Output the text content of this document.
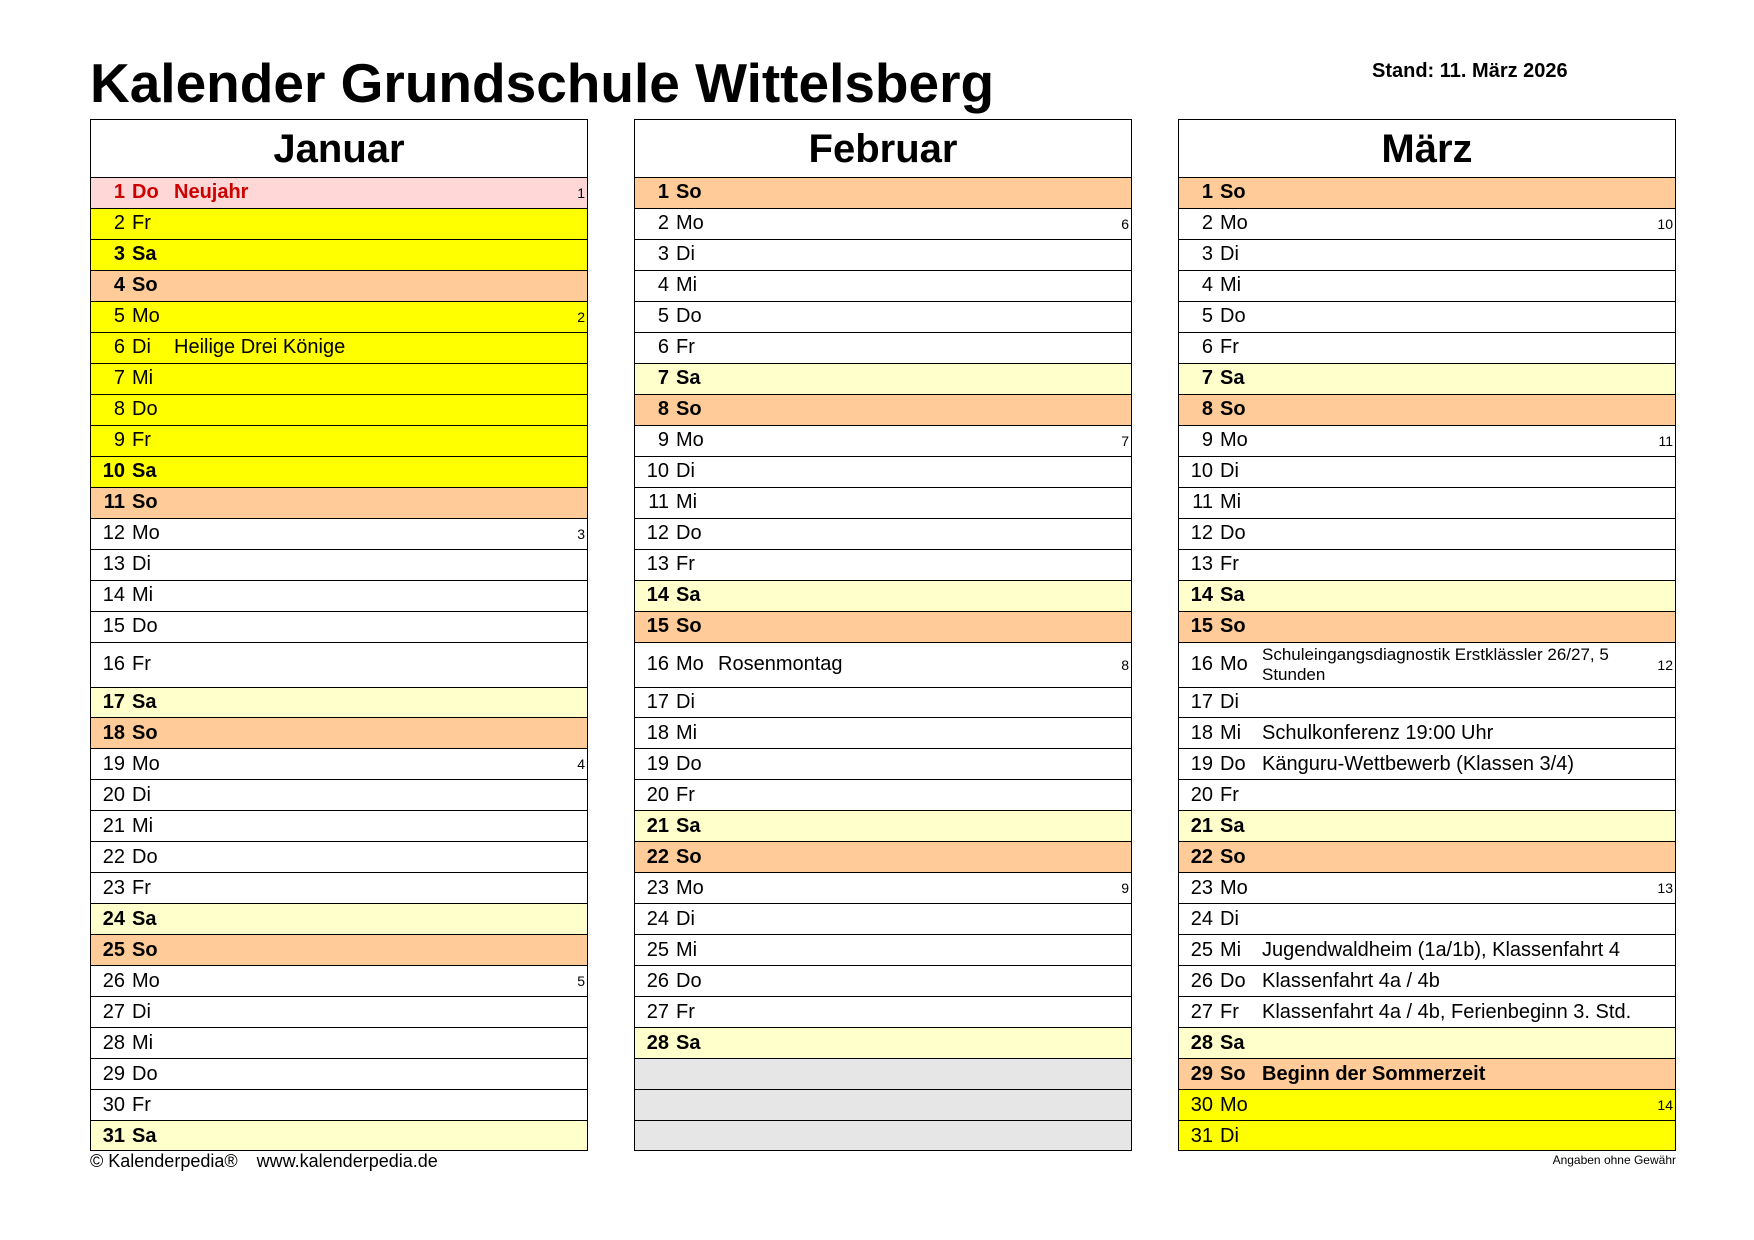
Kalender Grundschule Wittelsberg	Stand: 11. März 2026
Januar
1 Do Neujahr	1
2 Fr
3 Sa
4 So
5 Mo	2
6 Di	Heilige Drei Könige
7 Mi
8 Do
9 Fr
10 Sa
11 So
12 Mo	3
13 Di
14 Mi
15 Do
16 Fr
17 Sa
18 So
19 Mo	4
20 Di
21 Mi
22 Do
23 Fr
24 Sa
25 So
26 Mo	5
27 Di
28 Mi
29 Do
30 Fr
31 Sa
Februar
1 So
2 Mo	6
3 Di
4 Mi
5 Do
6 Fr
7 Sa
8 So
9 Mo	7
10 Di
11 Mi
12 Do
13 Fr
14 Sa
15 So
16 Mo Rosenmontag	8
17 Di
18 Mi
19 Do
20 Fr
21 Sa
22 So
23 Mo	9
24 Di
25 Mi
26 Do
27 Fr
28 Sa
März
1 So
2 Mo	10
3 Di
4 Mi
5 Do
6 Fr
7 Sa
8 So
9 Mo	11
10 Di
11 Mi
12 Do
13 Fr
14 Sa
15 So
16 Mo Schuleingangsdiagnostik Erstklässler 26/27, 5 Stunden	12
17 Di
18 Mi	Schulkonferenz 19:00 Uhr
19 Do Känguru-Wettbewerb (Klassen 3/4)
20 Fr
21 Sa
22 So
23 Mo	13
24 Di
25 Mi	Jugendwaldheim (1a/1b), Klassenfahrt 4
26 Do Klassenfahrt 4a / 4b
27 Fr	Klassenfahrt 4a / 4b, Ferienbeginn 3. Std.
28 Sa
29 So Beginn der Sommerzeit
30 Mo	14
31 Di
© Kalenderpedia® www.kalenderpedia.de	Angaben ohne Gewähr
